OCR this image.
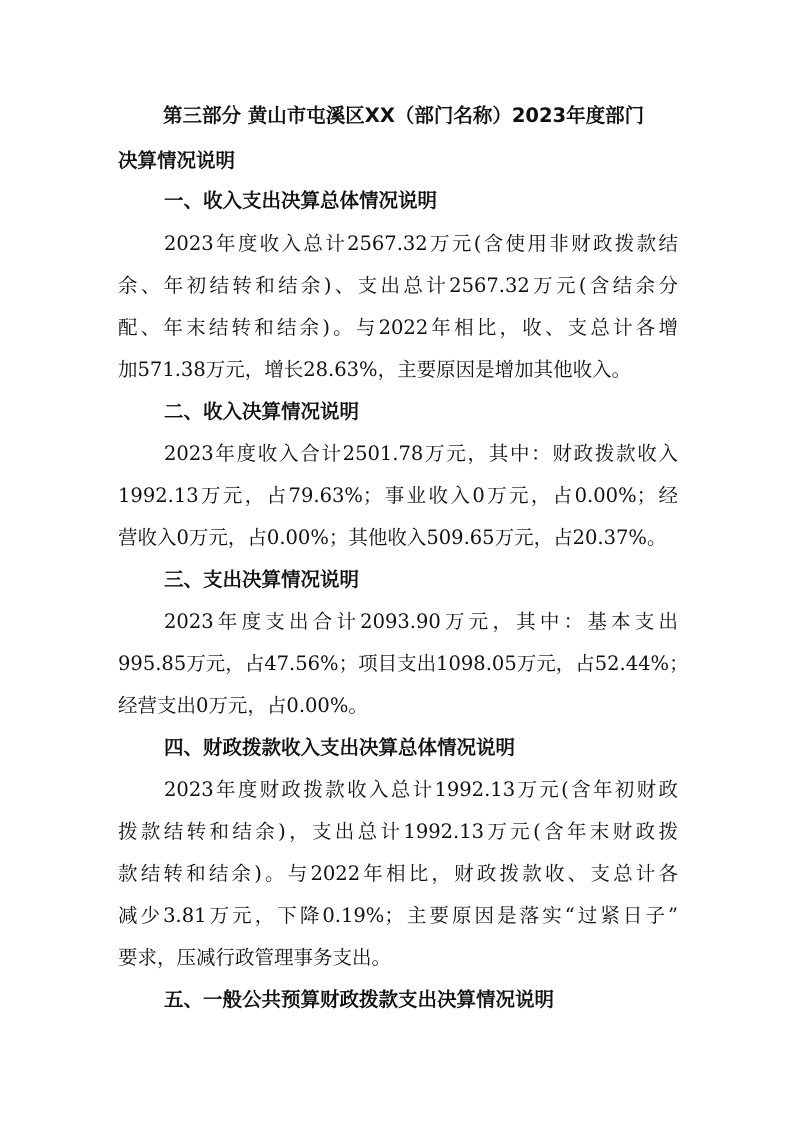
第三部分 黄山市屯溪区XX（部门名称）2023年度部门

决算情况说明

一、收入支出决算总体情况说明

2023年度收入总计2567.32万元(含使用非财政拨款结

余、年初结转和结余)、支出总计2567.32万元(含结余分

配、年末结转和结余)。与2022年相比，收、支总计各增

加571.38万元，增长28.63%，主要原因是增加其他收入。

二、收入决算情况说明

2023年度收入合计2501.78万元，其中：财政拨款收入

1992.13万元，占79.63%；事业收入0万元，占0.00%；经

营收入0万元，占0.00%；其他收入509.65万元，占20.37%。

三、支出决算情况说明

2023年度支出合计2093.90万元，其中：基本支出

995.85万元，占47.56%；项目支出1098.05万元，占52.44%；

经营支出0万元，占0.00%。

四、财政拨款收入支出决算总体情况说明

2023年度财政拨款收入总计1992.13万元(含年初财政

拨款结转和结余)，支出总计1992.13万元(含年末财政拨

款结转和结余)。与2022年相比，财政拨款收、支总计各

减少3.81万元，下降0.19%；主要原因是落实“过紧日子”

要求，压减行政管理事务支出。

五、一般公共预算财政拨款支出决算情况说明
